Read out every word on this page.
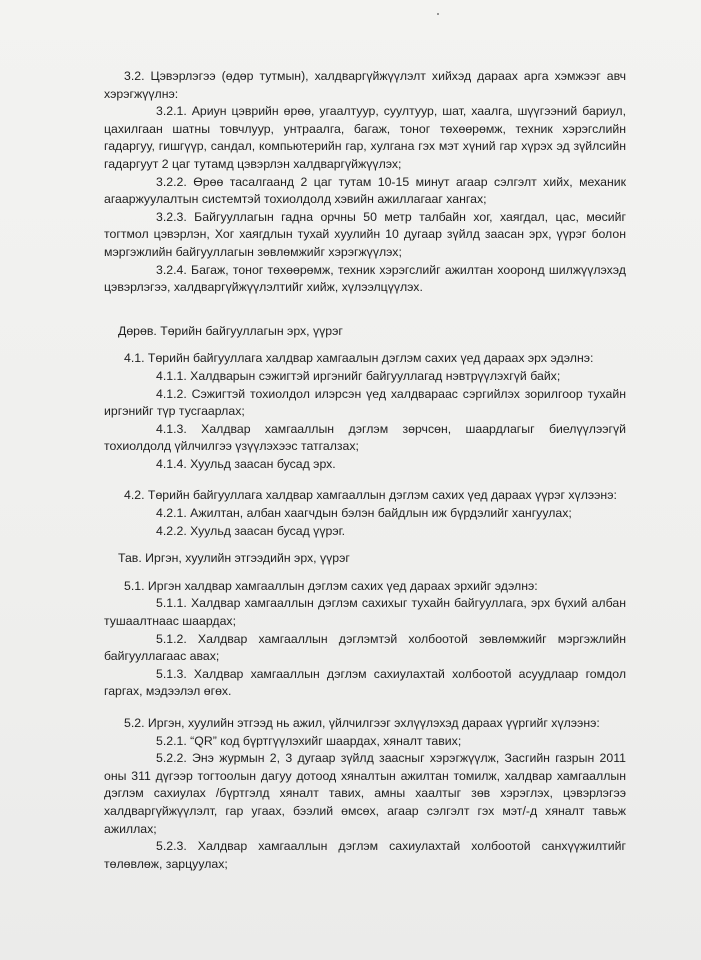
3.2. Цэвэрлэгээ (өдөр тутмын), халдваргүйжүүлэлт хийхэд дараах арга хэмжээг авч хэрэгжүүлнэ:

3.2.1. Ариун цэврийн өрөө, угаалтуур, суултуур, шат, хаалга, шүүгээний бариул, цахилгаан шатны товчлуур, унтраалга, багаж, тоног төхөөрөмж, техник хэрэгслийн гадаргуу, гишгүүр, сандал, компьютерийн гар, хулгана гэх мэт хүний гар хүрэх эд зүйлсийн гадаргуут 2 цаг тутамд цэвэрлэн халдваргүйжүүлэх;

3.2.2. Өрөө тасалгаанд 2 цаг тутам 10-15 минут агаар сэлгэлт хийх, механик агааржуулалтын системтэй тохиолдолд хэвийн ажиллагааг хангах;

3.2.3. Байгууллагын гадна орчны 50 метр талбайн хог, хаягдал, цас, мөсийг тогтмол цэвэрлэн, Хог хаягдлын тухай хуулийн 10 дугаар зүйлд заасан эрх, үүрэг болон мэргэжлийн байгууллагын зөвлөмжийг хэрэгжүүлэх;

3.2.4. Багаж, тоног төхөөрөмж, техник хэрэгслийг ажилтан хооронд шилжүүлэхэд цэвэрлэгээ, халдваргүйжүүлэлтийг хийж, хүлээлцүүлэх.

Дөрөв. Төрийн байгууллагын эрх, үүрэг

4.1. Төрийн байгууллага халдвар хамгаалын дэглэм сахих үед дараах эрх эдэлнэ:

4.1.1. Халдварын сэжигтэй иргэнийг байгууллагад нэвтрүүлэхгүй байх;

4.1.2. Сэжигтэй тохиолдол илэрсэн үед халдвараас сэргийлэх зорилгоор тухайн иргэнийг түр тусгаарлах;

4.1.3. Халдвар хамгааллын дэглэм зөрчсөн, шаардлагыг биелүүлээгүй тохиолдолд үйлчилгээ үзүүлэхээс татгалзах;

4.1.4. Хуульд заасан бусад эрх.

4.2. Төрийн байгууллага халдвар хамгааллын дэглэм сахих үед дараах үүрэг хүлээнэ:

4.2.1. Ажилтан, албан хаагчдын бэлэн байдлын иж бүрдэлийг хангуулах;

4.2.2. Хуульд заасан бусад үүрэг.

Тав. Иргэн, хуулийн этгээдийн эрх, үүрэг

5.1. Иргэн халдвар хамгааллын дэглэм сахих үед дараах эрхийг эдэлнэ:

5.1.1. Халдвар хамгааллын дэглэм сахихыг тухайн байгууллага, эрх бүхий албан тушаалтнаас шаардах;

5.1.2. Халдвар хамгааллын дэглэмтэй холбоотой зөвлөмжийг мэргэжлийн байгууллагаас авах;

5.1.3. Халдвар хамгааллын дэглэм сахиулахтай холбоотой асуудлаар гомдол гаргах, мэдээлэл өгөх.

5.2. Иргэн, хуулийн этгээд нь ажил, үйлчилгээг эхлүүлэхэд дараах үүргийг хүлээнэ:

5.2.1. “QR” код бүртгүүлэхийг шаардах, хяналт тавих;

5.2.2. Энэ журмын 2, 3 дугаар зүйлд заасныг хэрэгжүүлж, Засгийн газрын 2011 оны 311 дүгээр тогтоолын дагуу дотоод хяналтын ажилтан томилж, халдвар хамгааллын дэглэм сахиулах /бүртгэлд хяналт тавих, амны хаалтыг зөв хэрэглэх, цэвэрлэгээ халдваргүйжүүлэлт, гар угаах, бээлий өмсөх, агаар сэлгэлт гэх мэт/-д хяналт тавьж ажиллах;

5.2.3. Халдвар хамгааллын дэглэм сахиулахтай холбоотой санхүүжилтийг төлөвлөж, зарцуулах;
